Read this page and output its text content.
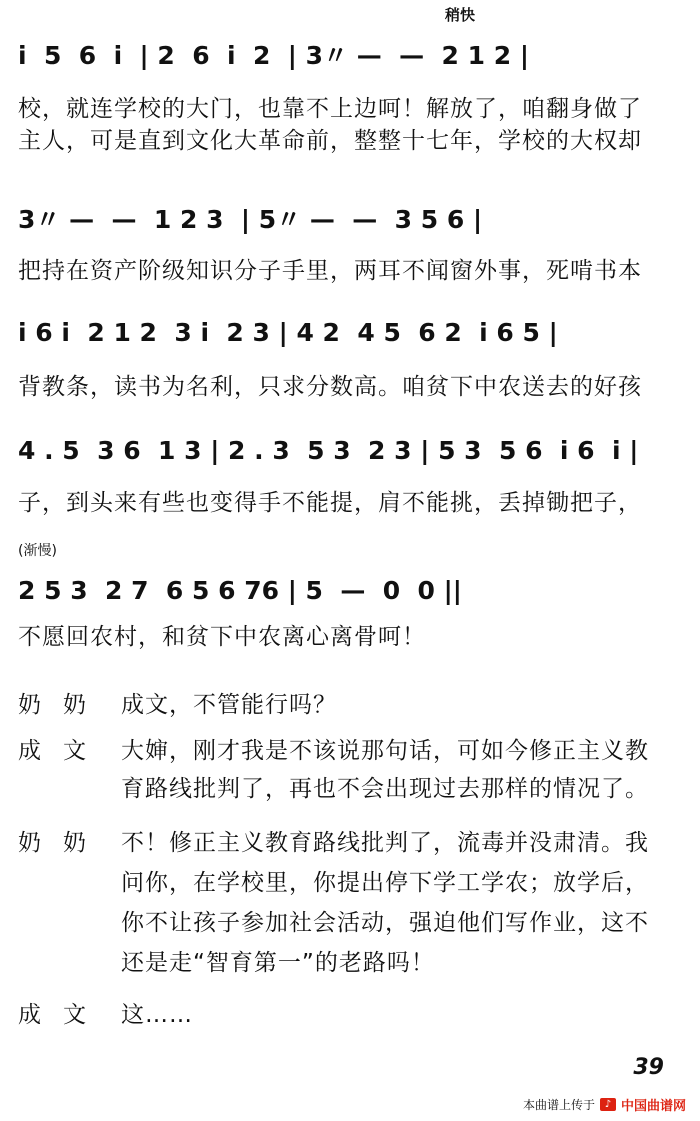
稍快
i  5  6  i  | 2  6  i  2  | 3〃 —  —  2 1 2 |
校，就连学校的大门，也靠不上边呵！解放了，咱翻身做了
主人，可是直到文化大革命前，整整十七年，学校的大权却
3〃 —  —  1 2 3  | 5〃 —  —  3 5 6 |
把持在资产阶级知识分子手里，两耳不闻窗外事，死啃书本
i 6 i  2 1 2  3 i  2 3 | 4 2  4 5  6 2  i 6 5 |
背教条，读书为名利，只求分数高。咱贫下中农送去的好孩
4 . 5  3 6  1 3 | 2 . 3  5 3  2 3 | 5 3  5 6  i 6  i |
子，到头来有些也变得手不能提，肩不能挑，丢掉锄把子，
(渐慢)
2 5 3  2 7  6 5 6 76 | 5  —  0  0 ||
不愿回农村，和贫下中农离心离骨呵！
奶奶 成文，不管能行吗？
成文 大婶，刚才我是不该说那句话，可如今修正主义教
育路线批判了，再也不会出现过去那样的情况了。
奶奶 不！修正主义教育路线批判了，流毒并没肃清。我
问你，在学校里，你提出停下学工学农；放学后，
你不让孩子参加社会活动，强迫他们写作业，这不
还是走“智育第一”的老路吗！
成文 这……
39
本曲谱上传于 ♪ 中国曲谱网
